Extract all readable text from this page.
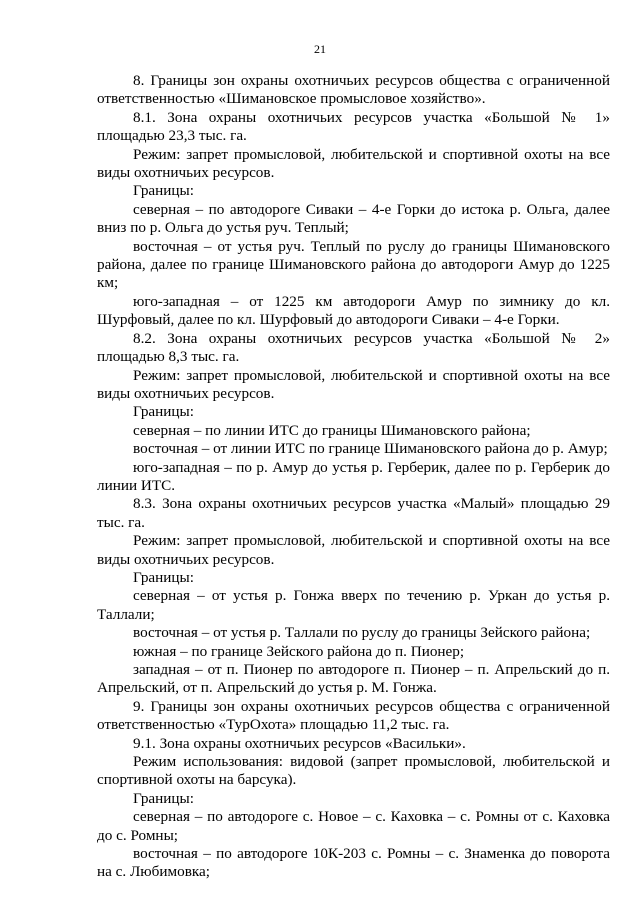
21

8. Границы зон охраны охотничьих ресурсов общества с ограниченной ответственностью «Шимановское промысловое хозяйство».

8.1. Зона охраны охотничьих ресурсов участка «Большой № 1» площадью 23,3 тыс. га.

Режим: запрет промысловой, любительской и спортивной охоты на все виды охотничьих ресурсов.

Границы:

северная – по автодороге Сиваки – 4-е Горки до истока р. Ольга, далее вниз по р. Ольга до устья руч. Теплый;

восточная – от устья руч. Теплый по руслу до границы Шимановского района, далее по границе Шимановского района до автодороги Амур до 1225 км;

юго-западная – от 1225 км автодороги Амур по зимнику до кл. Шурфовый, далее по кл. Шурфовый до автодороги Сиваки – 4-е Горки.

8.2. Зона охраны охотничьих ресурсов участка «Большой № 2» площадью 8,3 тыс. га.

Режим: запрет промысловой, любительской и спортивной охоты на все виды охотничьих ресурсов.

Границы:

северная – по линии ИТС до границы Шимановского района;

восточная – от линии ИТС по границе Шимановского района до р. Амур;

юго-западная – по р. Амур до устья р. Герберик, далее по р. Герберик до линии ИТС.

8.3. Зона охраны охотничьих ресурсов участка «Малый» площадью 29 тыс. га.

Режим: запрет промысловой, любительской и спортивной охоты на все виды охотничьих ресурсов.

Границы:

северная – от устья р. Гонжа вверх по течению р. Уркан до устья р. Таллали;

восточная – от устья р. Таллали по руслу до границы Зейского района;

южная – по границе Зейского района до п. Пионер;

западная – от п. Пионер по автодороге п. Пионер – п. Апрельский до п. Апрельский, от п. Апрельский до устья р. М. Гонжа.

9. Границы зон охраны охотничьих ресурсов общества с ограниченной ответственностью «ТурОхота» площадью 11,2 тыс. га.

9.1. Зона охраны охотничьих ресурсов «Васильки».

Режим использования: видовой (запрет промысловой, любительской и спортивной охоты на барсука).

Границы:

северная – по автодороге с. Новое – с. Каховка – с. Ромны от с. Каховка до с. Ромны;

восточная – по автодороге 10К-203 с. Ромны – с. Знаменка до поворота на с. Любимовка;
